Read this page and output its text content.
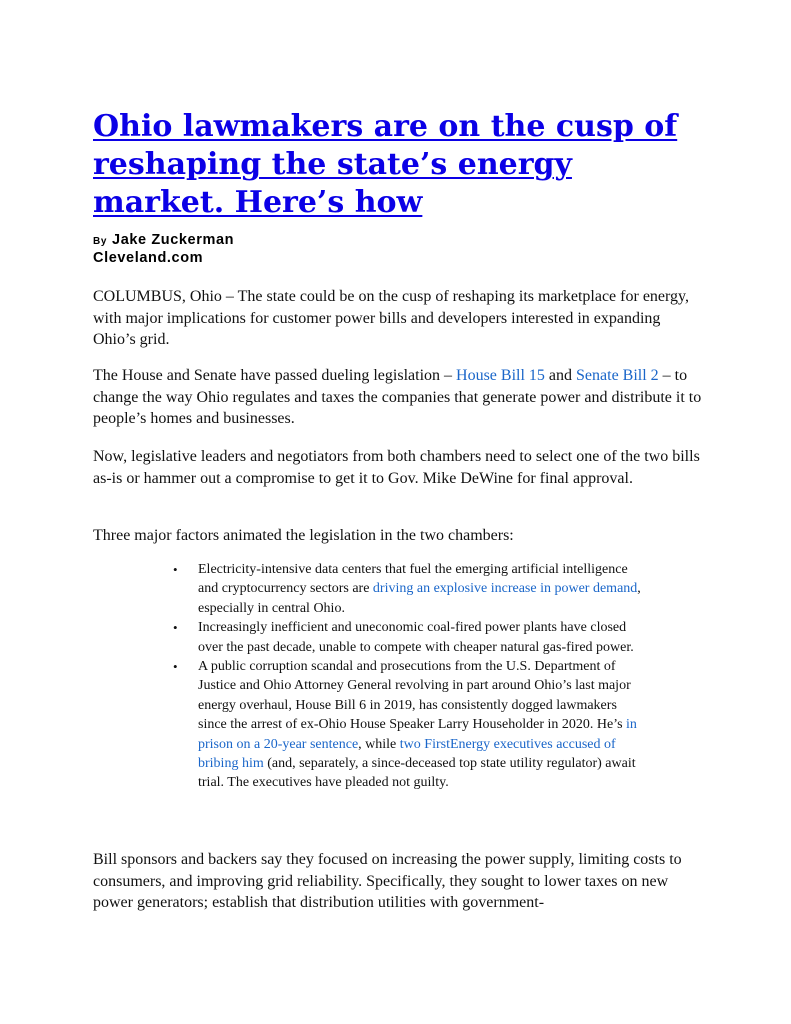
Ohio lawmakers are on the cusp of reshaping the state’s energy market. Here’s how
By Jake Zuckerman
Cleveland.com

COLUMBUS, Ohio – The state could be on the cusp of reshaping its marketplace for energy, with major implications for customer power bills and developers interested in expanding Ohio’s grid.

The House and Senate have passed dueling legislation – House Bill 15 and Senate Bill 2 – to change the way Ohio regulates and taxes the companies that generate power and distribute it to people’s homes and businesses.

Now, legislative leaders and negotiators from both chambers need to select one of the two bills as-is or hammer out a compromise to get it to Gov. Mike DeWine for final approval.

Three major factors animated the legislation in the two chambers:

• Electricity-intensive data centers that fuel the emerging artificial intelligence and cryptocurrency sectors are driving an explosive increase in power demand, especially in central Ohio.
• Increasingly inefficient and uneconomic coal-fired power plants have closed over the past decade, unable to compete with cheaper natural gas-fired power.
• A public corruption scandal and prosecutions from the U.S. Department of Justice and Ohio Attorney General revolving in part around Ohio’s last major energy overhaul, House Bill 6 in 2019, has consistently dogged lawmakers since the arrest of ex-Ohio House Speaker Larry Householder in 2020. He’s in prison on a 20-year sentence, while two FirstEnergy executives accused of bribing him (and, separately, a since-deceased top state utility regulator) await trial. The executives have pleaded not guilty.

Bill sponsors and backers say they focused on increasing the power supply, limiting costs to consumers, and improving grid reliability. Specifically, they sought to lower taxes on new power generators; establish that distribution utilities with government-
